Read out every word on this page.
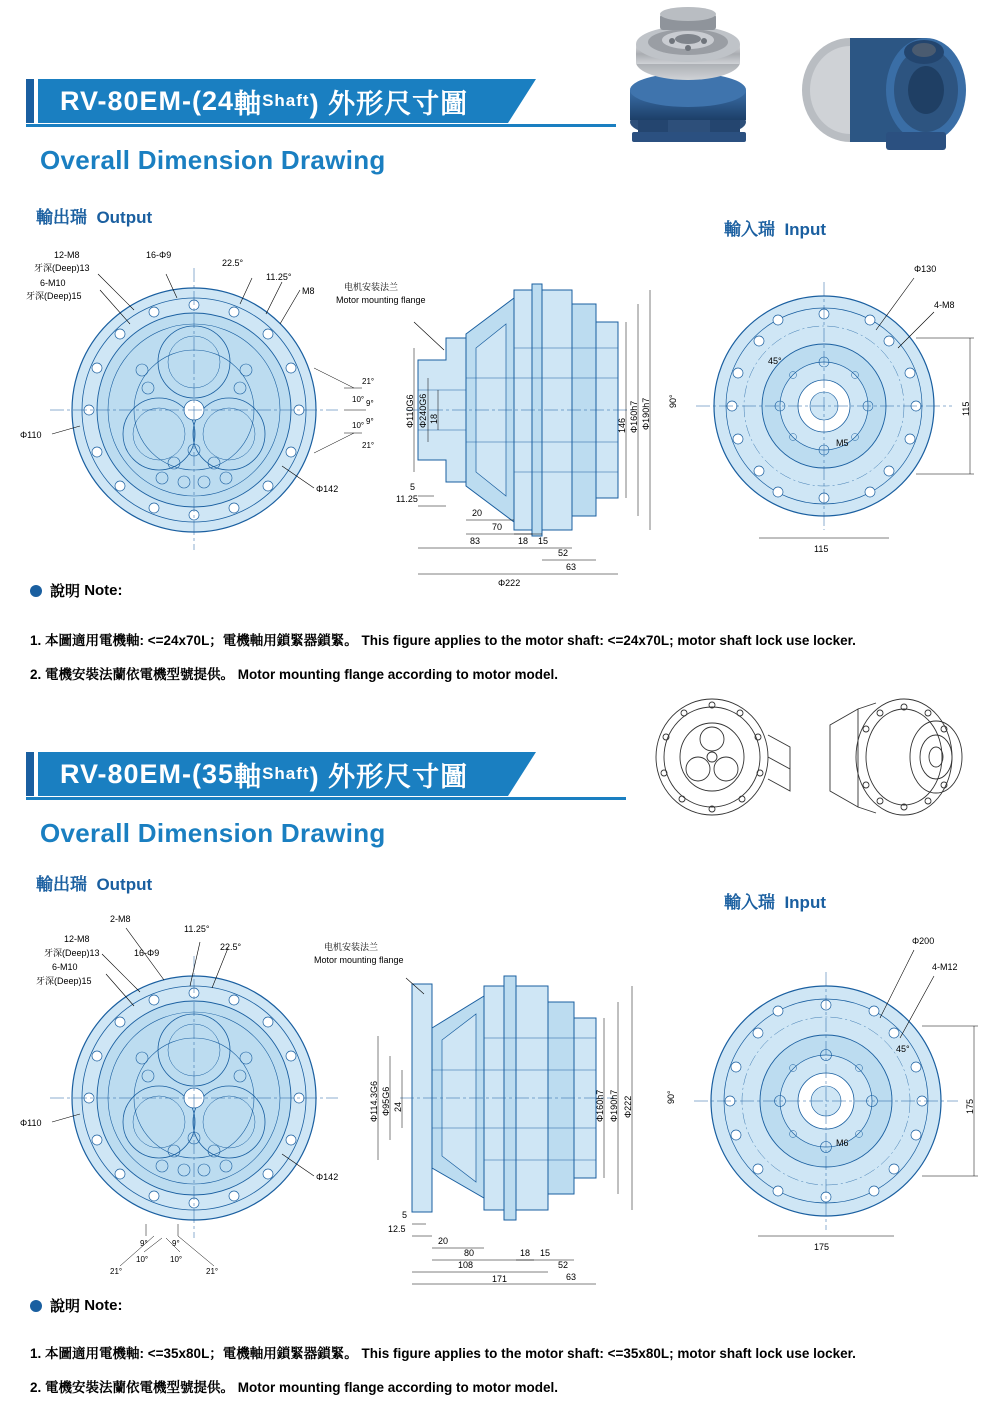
RV-80EM-(24 軸 Shaft ) 外形尺寸圖
Overall Dimension Drawing
輸出瑞 Output
輸入瑞 Input
12-M8
牙深(Deep)13
6-M10
牙深(Deep)15
16-Φ9
22.5°
11.25°
M8
Φ110
Φ142
21°
9°
10°
9°
10°
21°
电机安装法兰
Motor mounting flange
Φ110G6 Φ240G6 18	146 Φ160h7 Φ190h7
5
11.25
20
70
83	18 15
52
63
Φ222
Φ130
4-M8
45°
90°
M5
115
115
說明
Note:
1. 本圖適用電機軸: <=24x70L；電機軸用鎖緊器鎖緊。 This figure applies to the motor shaft: <=24x70L; motor shaft lock use locker.
2. 電機安裝法蘭依電機型號提供。 Motor mounting flange according to motor model.
RV-80EM-(35 軸 Shaft ) 外形尺寸圖
Overall Dimension Drawing
輸出瑞 Output
輸入瑞 Input
2-M8
11.25°
12-M8
牙深(Deep)13	16-Φ9
22.5°
6-M10
牙深(Deep)15
Φ110
Φ142
9°	9°
10°	10°
21°	21°
电机安装法兰
Motor mounting flange
Φ114.3G6 Φ95G6 24	Φ160h7 Φ190h7 Φ222
5
12.5
20
80
108
171
18 15
52
63
Φ200
4-M12
45°
90°
M6
175
175
說明
Note:
1. 本圖適用電機軸: <=35x80L；電機軸用鎖緊器鎖緊。 This figure applies to the motor shaft: <=35x80L; motor shaft lock use locker.
2. 電機安裝法蘭依電機型號提供。 Motor mounting flange according to motor model.
